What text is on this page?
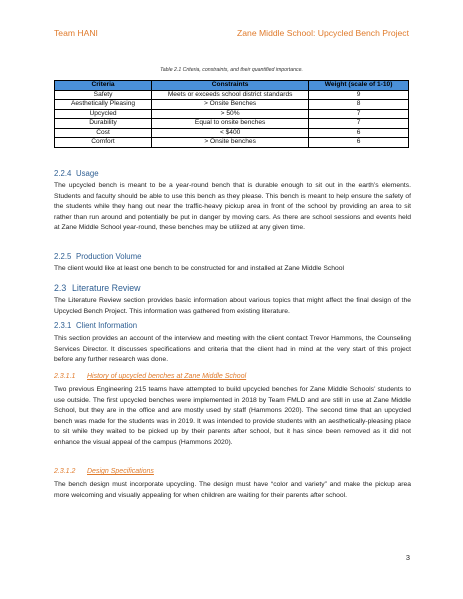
Team HANI	Zane Middle School: Upcycled Bench Project
Table 2.1 Criteria, constraints, and their quantified importance.
Criteria	Constraints	Weight (scale of 1-10)
Safety	Meets or exceeds school district standards	9
Aesthetically Pleasing	> Onsite Benches	8
Upcycled	> 50%	7
Durability	Equal to onsite benches	7
Cost	< $400	6
Comfort	> Onsite benches	6
2.2.4 Usage
The upcycled bench is meant to be a year-round bench that is durable enough to sit out in the earth’s elements. Students and faculty should be able to use this bench as they please. This bench is meant to help ensure the safety of the students while they hang out near the traffic-heavy pickup area in front of the school by providing an area to sit rather than run around and potentially be put in danger by moving cars. As there are school sessions and events held at Zane Middle School year-round, these benches may be utilized at any given time.
2.2.5 Production Volume
The client would like at least one bench to be constructed for and installed at Zane Middle School
2.3 Literature Review
The Literature Review section provides basic information about various topics that might affect the final design of the Upcycled Bench Project. This information was gathered from existing literature.
2.3.1 Client Information
This section provides an account of the interview and meeting with the client contact Trevor Hammons, the Counseling Services Director. It discusses specifications and criteria that the client had in mind at the very start of this project before any further research was done.
2.3.1.1 History of upcycled benches at Zane Middle School
Two previous Engineering 215 teams have attempted to build upcycled benches for Zane Middle Schools’ students to use outside. The first upcycled benches were implemented in 2018 by Team FMLD and are still in use at Zane Middle School, but they are in the office and are mostly used by staff (Hammons 2020). The second time that an upcycled bench was made for the students was in 2019. It was intended to provide students with an aesthetically-pleasing place to sit while they waited to be picked up by their parents after school, but it has since been removed as it did not enhance the visual appeal of the campus (Hammons 2020).
2.3.1.2 Design Specifications
The bench design must incorporate upcycling. The design must have “color and variety” and make the pickup area more welcoming and visually appealing for when children are waiting for their parents after school.
3
